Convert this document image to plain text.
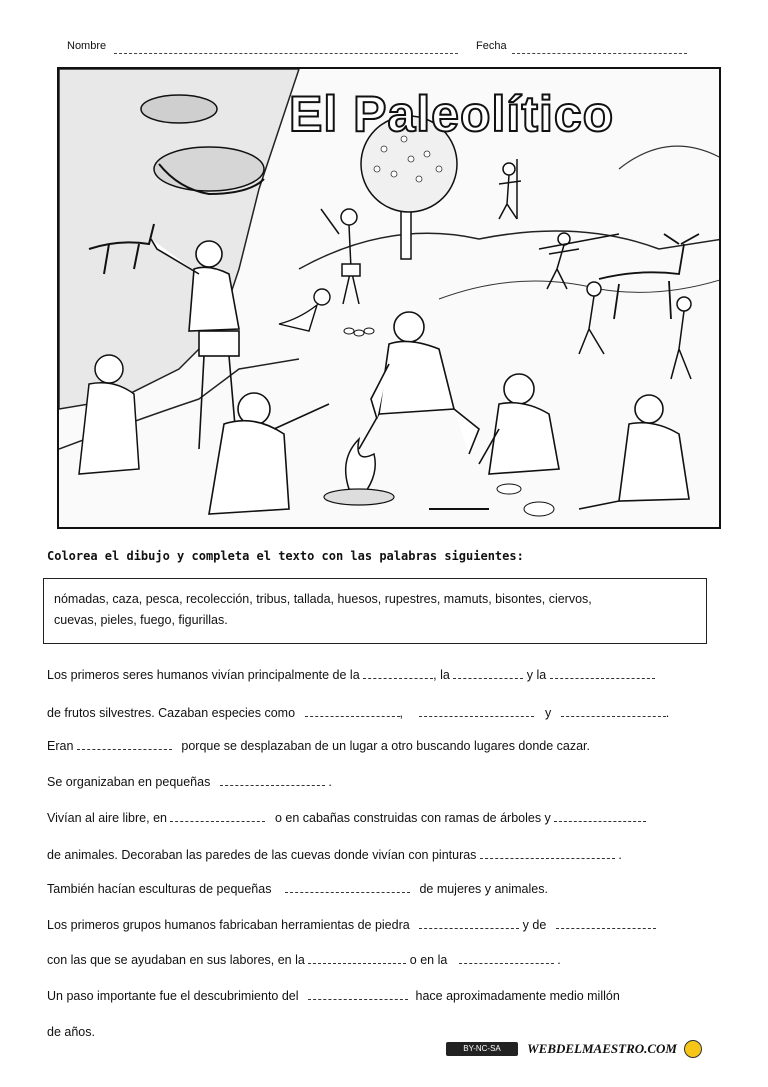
Nombre	Fecha
El Paleolítico
Colorea el dibujo y completa el texto con las palabras siguientes:
nómadas, caza, pesca, recolección, tribus, tallada, huesos, rupestres, mamuts, bisontes, ciervos,
cuevas, pieles, fuego, figurillas.
Los primeros seres humanos vivían principalmente de la	, la	y la
de frutos silvestres. Cazaban especies como	,	y	.
Eran	porque se desplazaban de un lugar a otro buscando lugares donde cazar.
Se organizaban en pequeñas	.
Vivían al aire libre, en	o en cabañas construidas con ramas de árboles y
de animales. Decoraban las paredes de las cuevas donde vivían con pinturas	.
También hacían esculturas de pequeñas	de mujeres y animales.
Los primeros grupos humanos fabricaban herramientas de piedra	y de
con las que se ayudaban en sus labores, en la	o en la	.
Un paso importante fue el descubrimiento del	hace aproximadamente medio millón
de años.
BY-NC-SA WEBDELMAESTRO.COM
